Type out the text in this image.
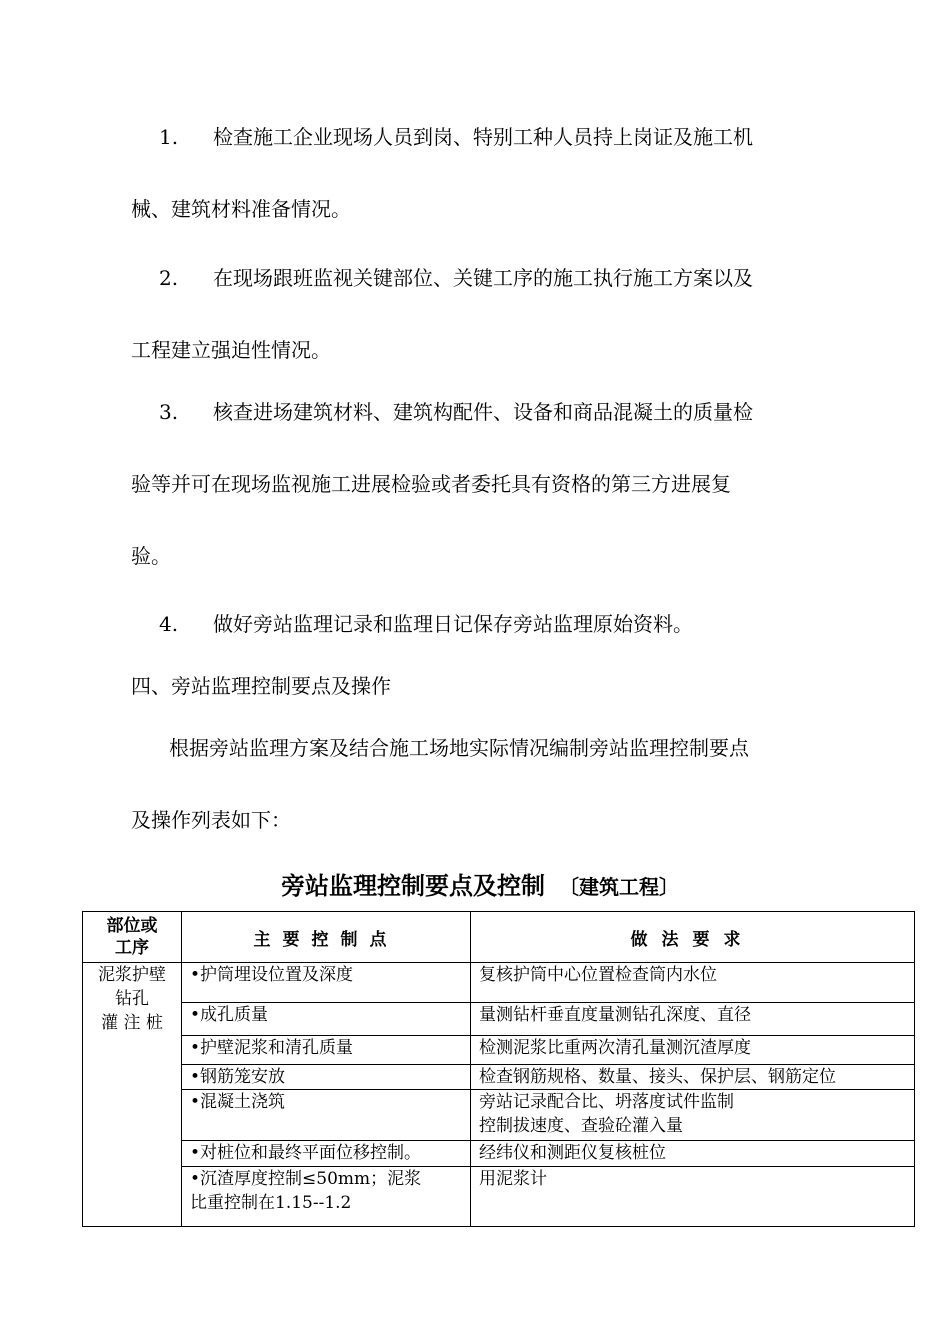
1. 检查施工企业现场人员到岗、特别工种人员持上岗证及施工机
械、建筑材料准备情况。
2. 在现场跟班监视关键部位、关键工序的施工执行施工方案以及
工程建立强迫性情况。
3. 核查进场建筑材料、建筑构配件、设备和商品混凝土的质量检
验等并可在现场监视施工进展检验或者委托具有资格的第三方进展复
验。
4. 做好旁站监理记录和监理日记保存旁站监理原始资料。
四、旁站监理控制要点及操作
根据旁站监理方案及结合施工场地实际情况编制旁站监理控制要点
及操作列表如下：
旁站监理控制要点及控制 〔建筑工程〕
部位或
工序	主要控制点	做法要求

泥浆护壁
钻孔
灌 注 桩	•护筒埋设位置及深度	复核护筒中心位置检查筒内水位
	•成孔质量	量测钻杆垂直度量测钻孔深度、直径
	•护壁泥浆和清孔质量	检测泥浆比重两次清孔量测沉渣厚度
	•钢筋笼安放	检查钢筋规格、数量、接头、保护层、钢筋定位
	•混凝土浇筑	旁站记录配合比、坍落度试件监制
控制拔速度、查验砼灌入量

	•对桩位和最终平面位移控制。	经纬仪和测距仪复核桩位

	•沉渣厚度控制≤50mm；泥浆
比重控制在1.15--1.2	用泥浆计
